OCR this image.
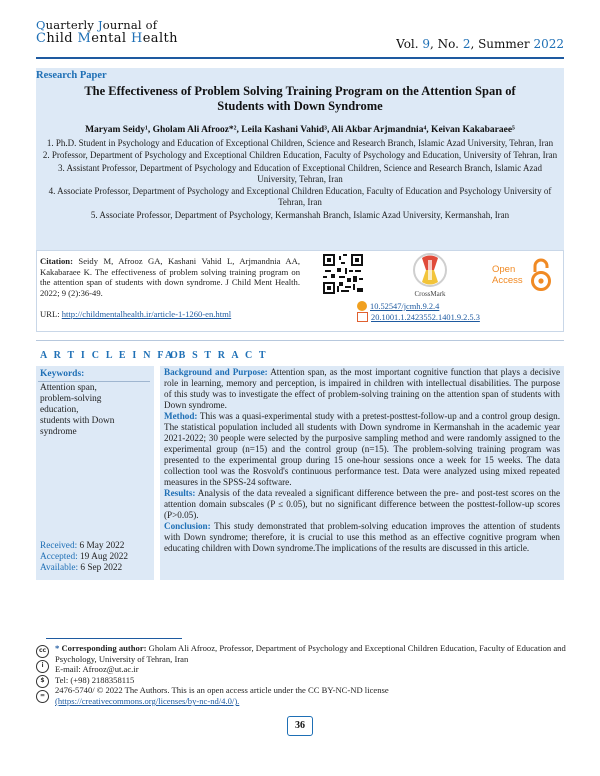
Quarterly Journal of
Child Mental Health	Vol. 9, No. 2, Summer 2022
Research Paper
The Effectiveness of Problem Solving Training Program on the Attention Span of Students with Down Syndrome
Maryam Seidy¹, Gholam Ali Afrooz*², Leila Kashani Vahid³, Ali Akbar Arjmandnia⁴, Keivan Kakabaraee⁵

1. Ph.D. Student in Psychology and Education of Exceptional Children, Science and Research Branch, Islamic Azad University, Tehran, Iran

2. Professor, Department of Psychology and Exceptional Children Education, Faculty of Psychology and Education, University of Tehran, Iran

3. Assistant Professor, Department of Psychology and Education of Exceptional Children, Science and Research Branch, Islamic Azad University, Tehran, Iran

4. Associate Professor, Department of Psychology and Exceptional Children Education, Faculty of Education and Psychology University of Tehran, Iran

5. Associate Professor, Department of Psychology, Kermanshah Branch, Islamic Azad University, Kermanshah, Iran

Citation: Seidy M, Afrooz GA, Kashani Vahid L, Arjmandnia AA, Kakabaraee K. The effectiveness of problem solving training program on the attention span of students with down syndrome. J Child Ment Health. 2022; 9 (2):36-49.
URL: http://childmentalhealth.ir/article-1-1260-en.html
CrossMark
Open
Access
10.52547/jcmh.9.2.4
20.1001.1.2423552.1401.9.2.5.3
A R T I C L E I N F O
A B S T R A C T
Keywords:
Attention span,
problem-solving
education,
students with Down
syndrome
Received: 6 May 2022
Accepted: 19 Aug 2022
Available: 6 Sep 2022

Background and Purpose: Attention span, as the most important cognitive function that plays a decisive role in learning, memory and perception, is impaired in children with intellectual disabilities. The purpose of this study was to investigate the effect of problem-solving training on the attention span of students with Down syndrome.

Method: This was a quasi-experimental study with a pretest-posttest-follow-up and a control group design. The statistical population included all students with Down syndrome in Kermanshah in the academic year 2021-2022; 30 people were selected by the purposive sampling method and were randomly assigned to the experimental group (n=15) and the control group (n=15). The problem-solving training program was presented to the experimental group during 15 one-hour sessions once a week for 15 weeks. The data collection tool was the Rosvold's continuous performance test. Data were analyzed using mixed repeated measures in the SPSS-24 software.

Results: Analysis of the data revealed a significant difference between the pre- and post-test scores on the attention domain subscales (P ≤ 0.05), but no significant difference between the posttest-follow-up scores (P>0.05).

Conclusion: This study demonstrated that problem-solving education improves the attention of students with Down syndrome; therefore, it is crucial to use this method as an effective cognitive program when educating children with Down syndrome.The implications of the results are discussed in this article.

cc
i
$
=
* Corresponding author: Gholam Ali Afrooz, Professor, Department of Psychology and Exceptional Children Education, Faculty of Education and Psychology, University of Tehran, Iran
E-mail: Afrooz@ut.ac.ir
Tel: (+98) 2188358115
2476-5740/ © 2022 The Authors. This is an open access article under the CC BY-NC-ND license
(https://creativecommons.org/licenses/by-nc-nd/4.0/).
36
